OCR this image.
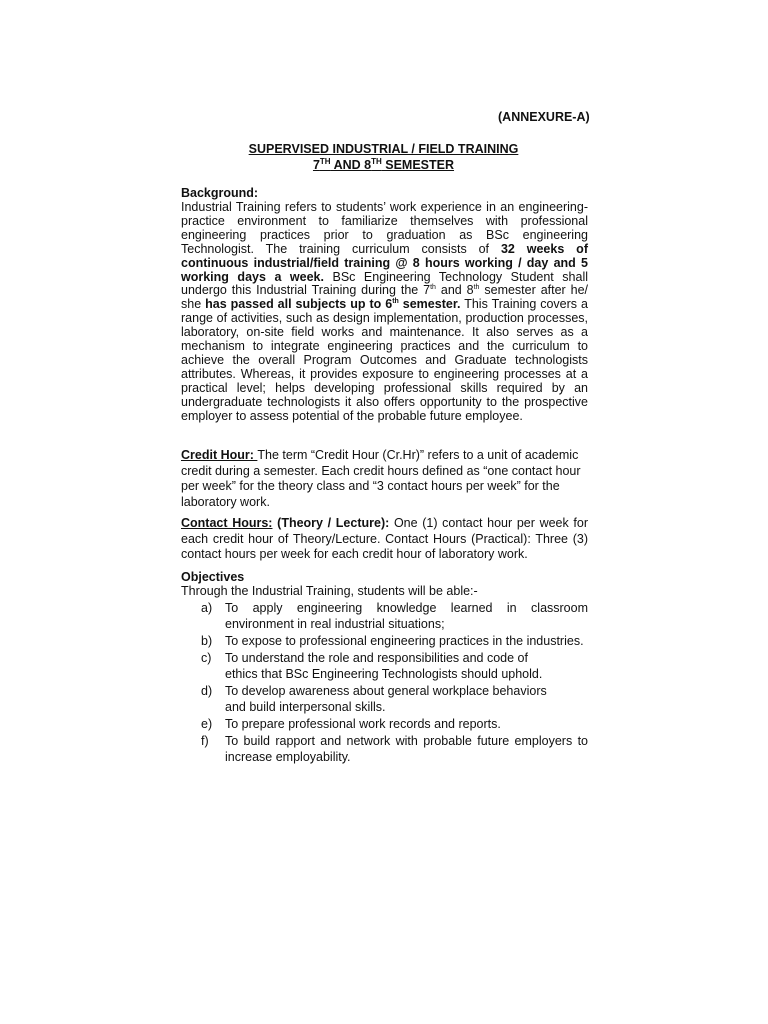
(ANNEXURE-A)
SUPERVISED INDUSTRIAL / FIELD TRAINING
7TH AND 8TH SEMESTER
Background:
Industrial Training refers to students’ work experience in an engineering-practice environment to familiarize themselves with professional engineering practices prior to graduation as BSc engineering Technologist. The training curriculum consists of 32 weeks of continuous industrial/field training @ 8 hours working / day and 5 working days a week. BSc Engineering Technology Student shall undergo this Industrial Training during the 7th and 8th semester after he/ she has passed all subjects up to 6th semester. This Training covers a range of activities, such as design implementation, production processes, laboratory, on-site field works and maintenance. It also serves as a mechanism to integrate engineering practices and the curriculum to achieve the overall Program Outcomes and Graduate technologists attributes. Whereas, it provides exposure to engineering processes at a practical level; helps developing professional skills required by an undergraduate technologists it also offers opportunity to the prospective employer to assess potential of the probable future employee.
Credit Hour: The term “Credit Hour (Cr.Hr)” refers to a unit of academic credit during a semester. Each credit hours defined as “one contact hour per week” for the theory class and “3 contact hours per week” for the laboratory work.
Contact Hours: (Theory / Lecture): One (1) contact hour per week for each credit hour of Theory/Lecture. Contact Hours (Practical): Three (3) contact hours per week for each credit hour of laboratory work.
Objectives
Through the Industrial Training, students will be able:-
a) To apply engineering knowledge learned in classroom environment in real industrial situations;
b) To expose to professional engineering practices in the industries.
c) To understand the role and responsibilities and code of ethics that BSc Engineering Technologists should uphold.
d) To develop awareness about general workplace behaviors and build interpersonal skills.
e) To prepare professional work records and reports.
f) To build rapport and network with probable future employers to increase employability.
